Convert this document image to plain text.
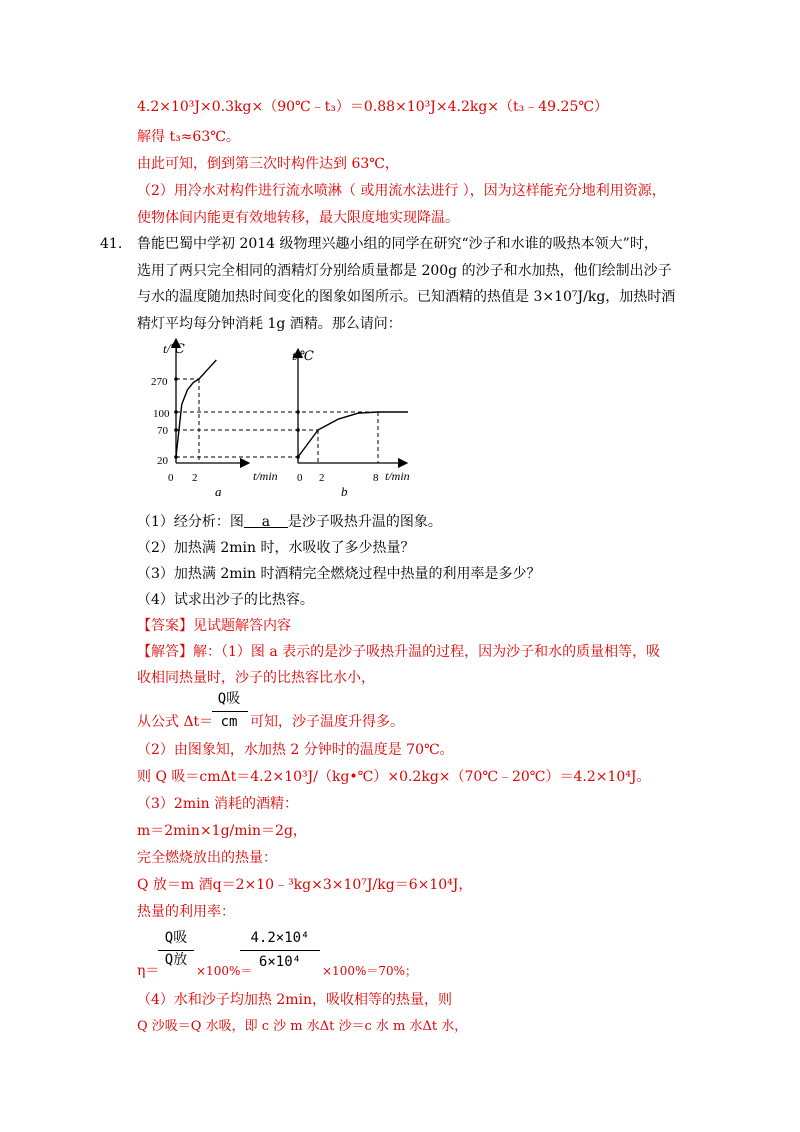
4.2×10³J×0.3kg×（90℃﹣t₃）＝0.88×10³J×4.2kg×（t₃﹣49.25℃）
解得 t₃≈63℃。
由此可知，倒到第三次时构件达到 63℃，
（2）用冷水对构件进行流水喷淋（ 或用流水法进行 ），因为这样能充分地利用资源，
使物体间内能更有效地转移，最大限度地实现降温。
41. 鲁能巴蜀中学初 2014 级物理兴趣小组的同学在研究“沙子和水谁的吸热本领大”时，
选用了两只完全相同的酒精灯分别给质量都是 200g 的沙子和水加热，他们绘制出沙子
与水的温度随加热时间变化的图象如图所示。已知酒精的热值是 3×10⁷J/kg，加热时酒
精灯平均每分钟消耗 1g 酒精。那么请问：
t/℃
270
100
70
20
0 2
a
t/℃
0 2	8
b
t/min	t/min
（1）经分析：图    a    是沙子吸热升温的图象。
（2）加热满 2min 时，水吸收了多少热量？
（3）加热满 2min 时酒精完全燃烧过程中热量的利用率是多少？
（4）试求出沙子的比热容。
【答案】见试题解答内容
【解答】解：（1）图 a 表示的是沙子吸热升温的过程，因为沙子和水的质量相等，吸
收相同热量时，沙子的比热容比水小，
Q吸
从公式 Δt＝ cm 可知，沙子温度升得多。
（2）由图象知，水加热 2 分钟时的温度是 70℃。
则 Q 吸＝cmΔt＝4.2×10³J/（kg•℃）×0.2kg×（70℃﹣20℃）＝4.2×10⁴J。
（3）2min 消耗的酒精：
m＝2min×1g/min＝2g，
完全燃烧放出的热量：
Q 放＝m 酒q＝2×10﹣³kg×3×10⁷J/kg＝6×10⁴J，
热量的利用率：
Q吸
Q放
η＝	×100%＝
4.2×10⁴
6×10⁴
×100%＝70%；
（4）水和沙子均加热 2min，吸收相等的热量，则
Q 沙吸＝Q 水吸，即 c 沙 m 水Δt 沙＝c 水 m 水Δt 水，
